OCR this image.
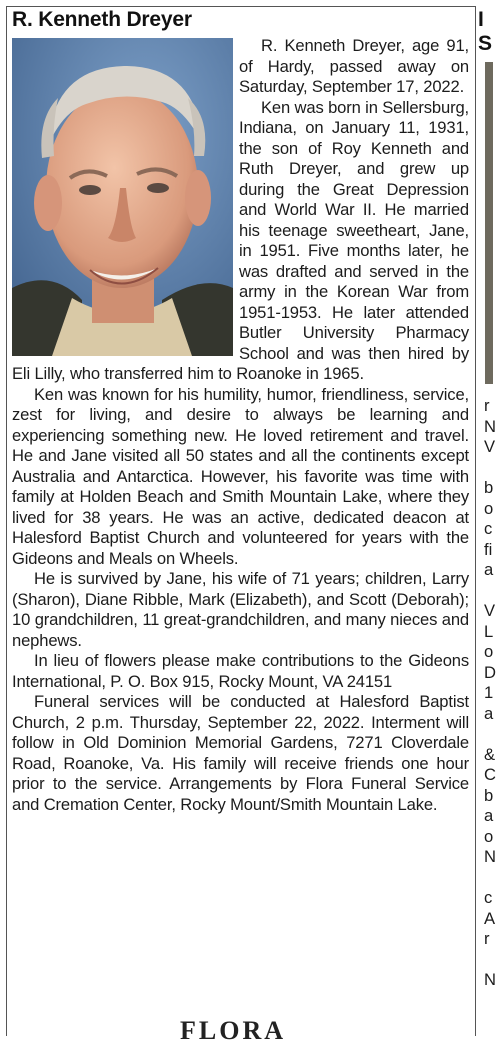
R. Kenneth Dreyer

R. Kenneth Dreyer, age 91, of Hardy, passed away on Saturday, September 17, 2022.

Ken was born in Sellersburg, Indiana, on January 11, 1931, the son of Roy Kenneth and Ruth Dreyer, and grew up during the Great Depression and World War II. He married his teenage sweetheart, Jane, in 1951. Five months later, he was drafted and served in the army in the Korean War from 1951-1953. He later attended Butler University Pharmacy School and was then hired by Eli Lilly, who transferred him to Roanoke in 1965.

Ken was known for his humility, humor, friendliness, service, zest for living, and desire to always be learning and experiencing something new. He loved retirement and travel. He and Jane visited all 50 states and all the continents except Australia and Antarctica. However, his favorite was time with family at Holden Beach and Smith Mountain Lake, where they lived for 38 years. He was an active, dedicated deacon at Halesford Baptist Church and volunteered for years with the Gideons and Meals on Wheels.

He is survived by Jane, his wife of 71 years; children, Larry (Sharon), Diane Ribble, Mark (Elizabeth), and Scott (Deborah); 10 grandchildren, 11 great-grandchildren, and many nieces and nephews.

In lieu of flowers please make contributions to the Gideons International, P. O. Box 915, Rocky Mount, VA 24151

Funeral services will be conducted at Halesford Baptist Church, 2 p.m. Thursday, September 22, 2022. Interment will follow in Old Dominion Memorial Gardens, 7271 Cloverdale Road, Roanoke, Va. His family will receive friends one hour prior to the service. Arrangements by Flora Funeral Service and Cremation Center, Rocky Mount/Smith Mountain Lake.

FLORA
I
S
r
N
V

b
o
c
fi
a

V
L
o
D
1
a

&
C
b
a
o
N

c
A
r

N
